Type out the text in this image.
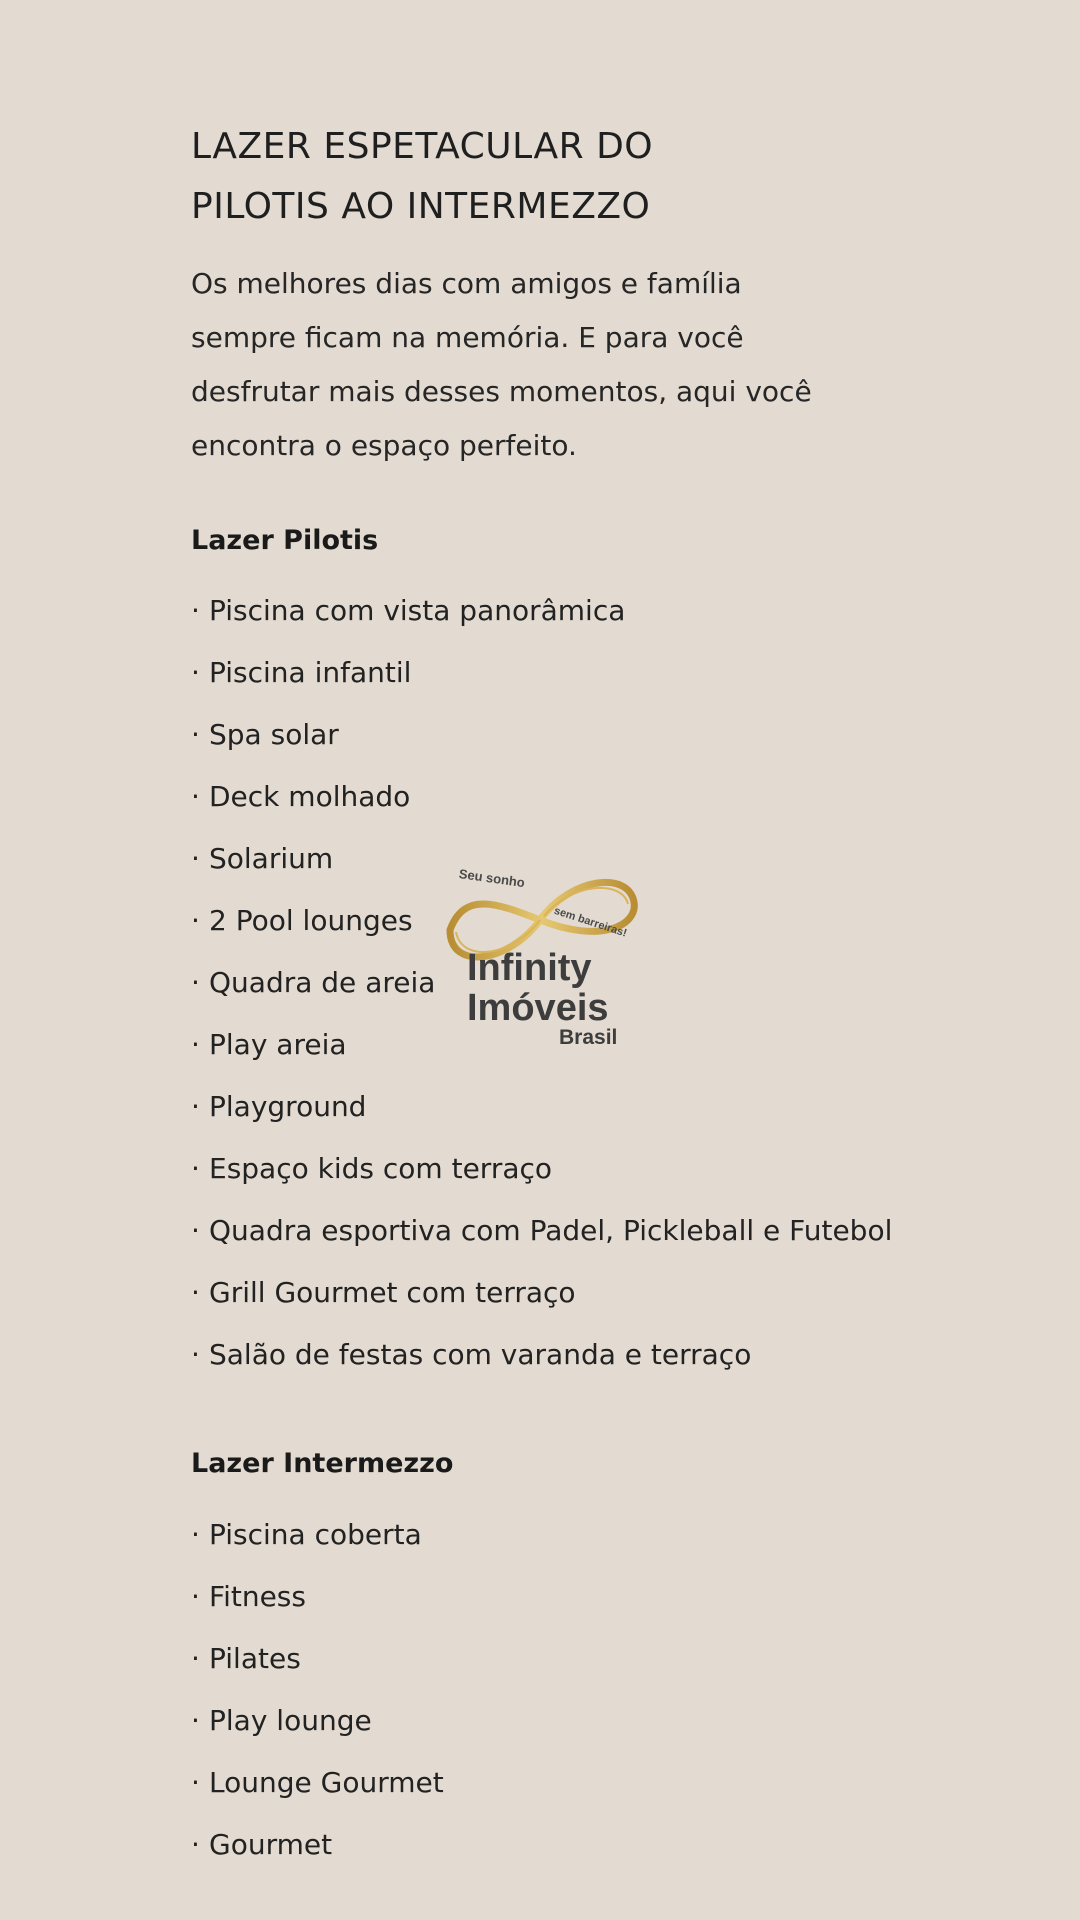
LAZER ESPETACULAR DO
PILOTIS AO INTERMEZZO

Os melhores dias com amigos e família
sempre ficam na memória. E para você
desfrutar mais desses momentos, aqui você
encontra o espaço perfeito.

Lazer Pilotis
· Piscina com vista panorâmica
· Piscina infantil
· Spa solar
· Deck molhado
· Solarium
· 2 Pool lounges
· Quadra de areia
· Play areia
· Playground
· Espaço kids com terraço
· Quadra esportiva com Padel, Pickleball e Futebol
· Grill Gourmet com terraço
· Salão de festas com varanda e terraço
Lazer Intermezzo
· Piscina coberta
· Fitness
· Pilates
· Play lounge
· Lounge Gourmet
· Gourmet
Seu sonho
sem barreiras!
Infinity
Imóveis
Brasil
